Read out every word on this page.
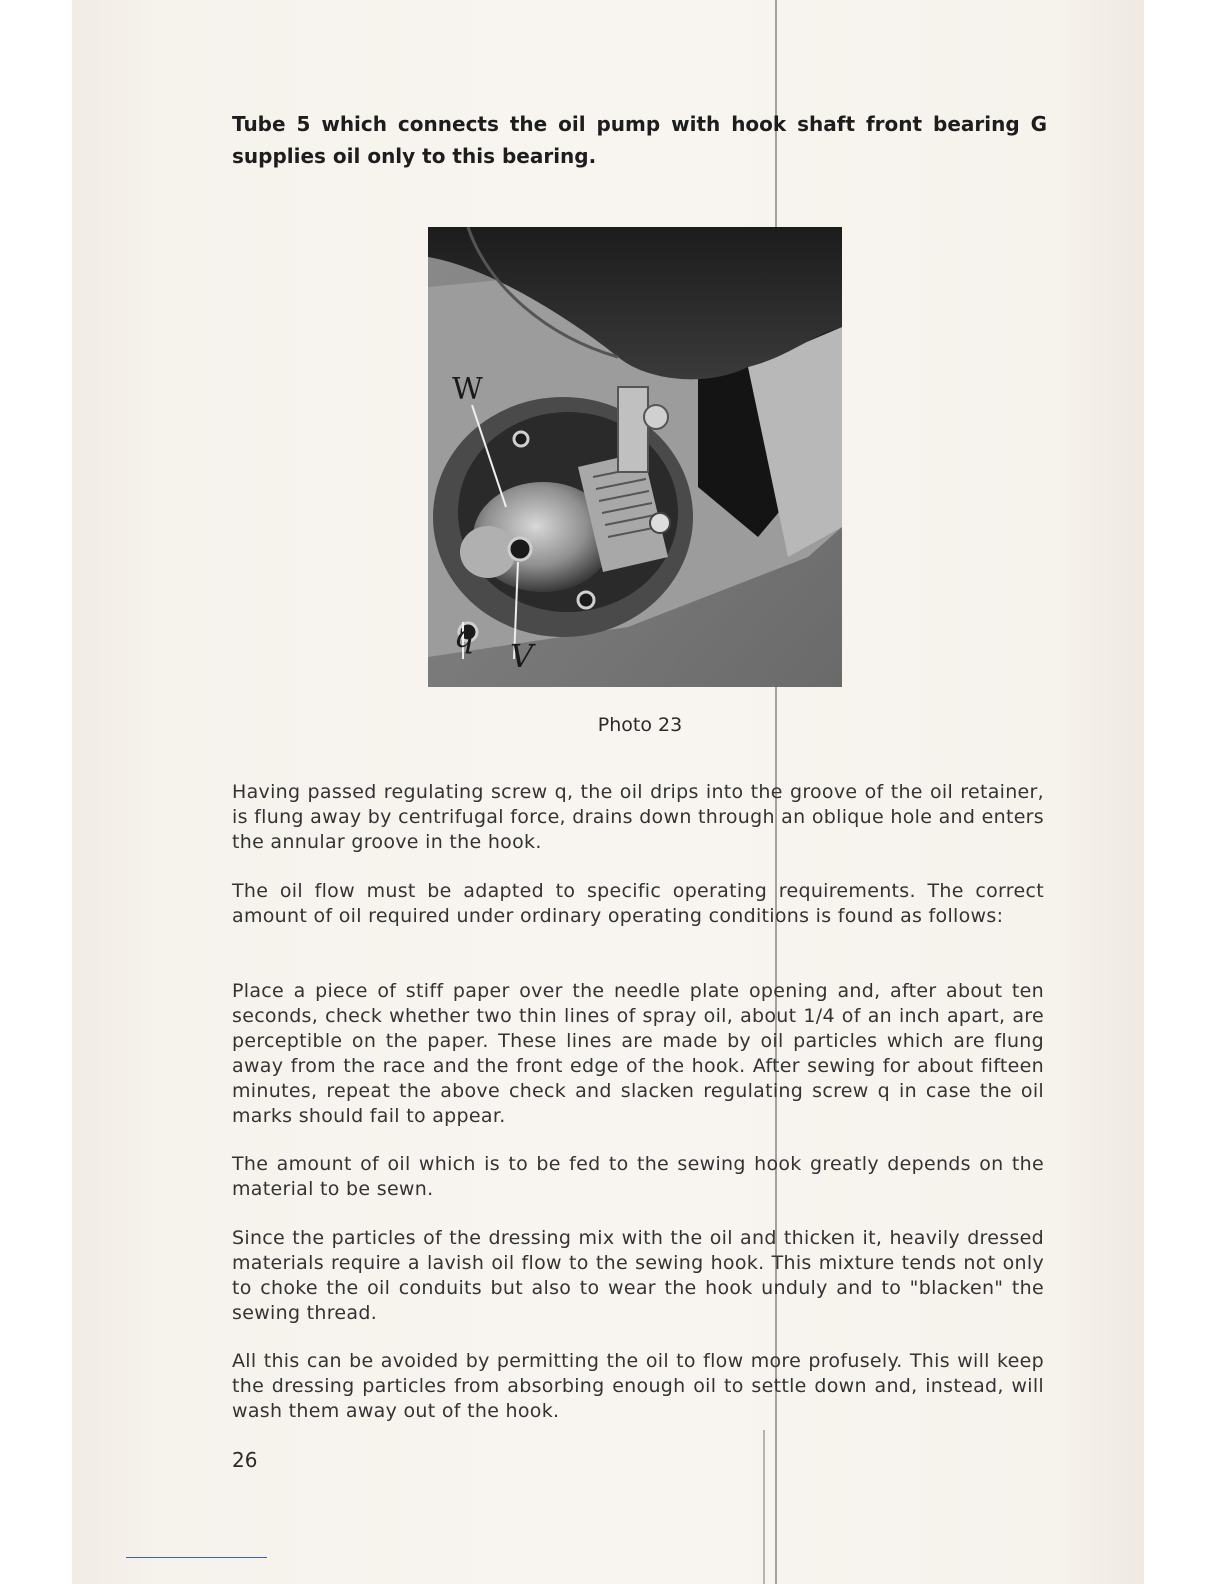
Tube 5 which connects the oil pump with hook shaft front bearing G supplies oil only to this bearing.

W
q
V

Photo 23

Having passed regulating screw q, the oil drips into the groove of the oil retainer, is flung away by centrifugal force, drains down through an oblique hole and enters the annular groove in the hook.

The oil flow must be adapted to specific operating requirements. The correct amount of oil required under ordinary operating conditions is found as follows:

Place a piece of stiff paper over the needle plate opening and, after about ten seconds, check whether two thin lines of spray oil, about 1/4 of an inch apart, are perceptible on the paper. These lines are made by oil particles which are flung away from the race and the front edge of the hook. After sewing for about fifteen minutes, repeat the above check and slacken regulating screw q in case the oil marks should fail to appear.

The amount of oil which is to be fed to the sewing hook greatly depends on the material to be sewn.

Since the particles of the dressing mix with the oil and thicken it, heavily dressed materials require a lavish oil flow to the sewing hook. This mixture tends not only to choke the oil conduits but also to wear the hook unduly and to "blacken" the sewing thread.

All this can be avoided by permitting the oil to flow more profusely. This will keep the dressing particles from absorbing enough oil to settle down and, instead, will wash them away out of the hook.

26
